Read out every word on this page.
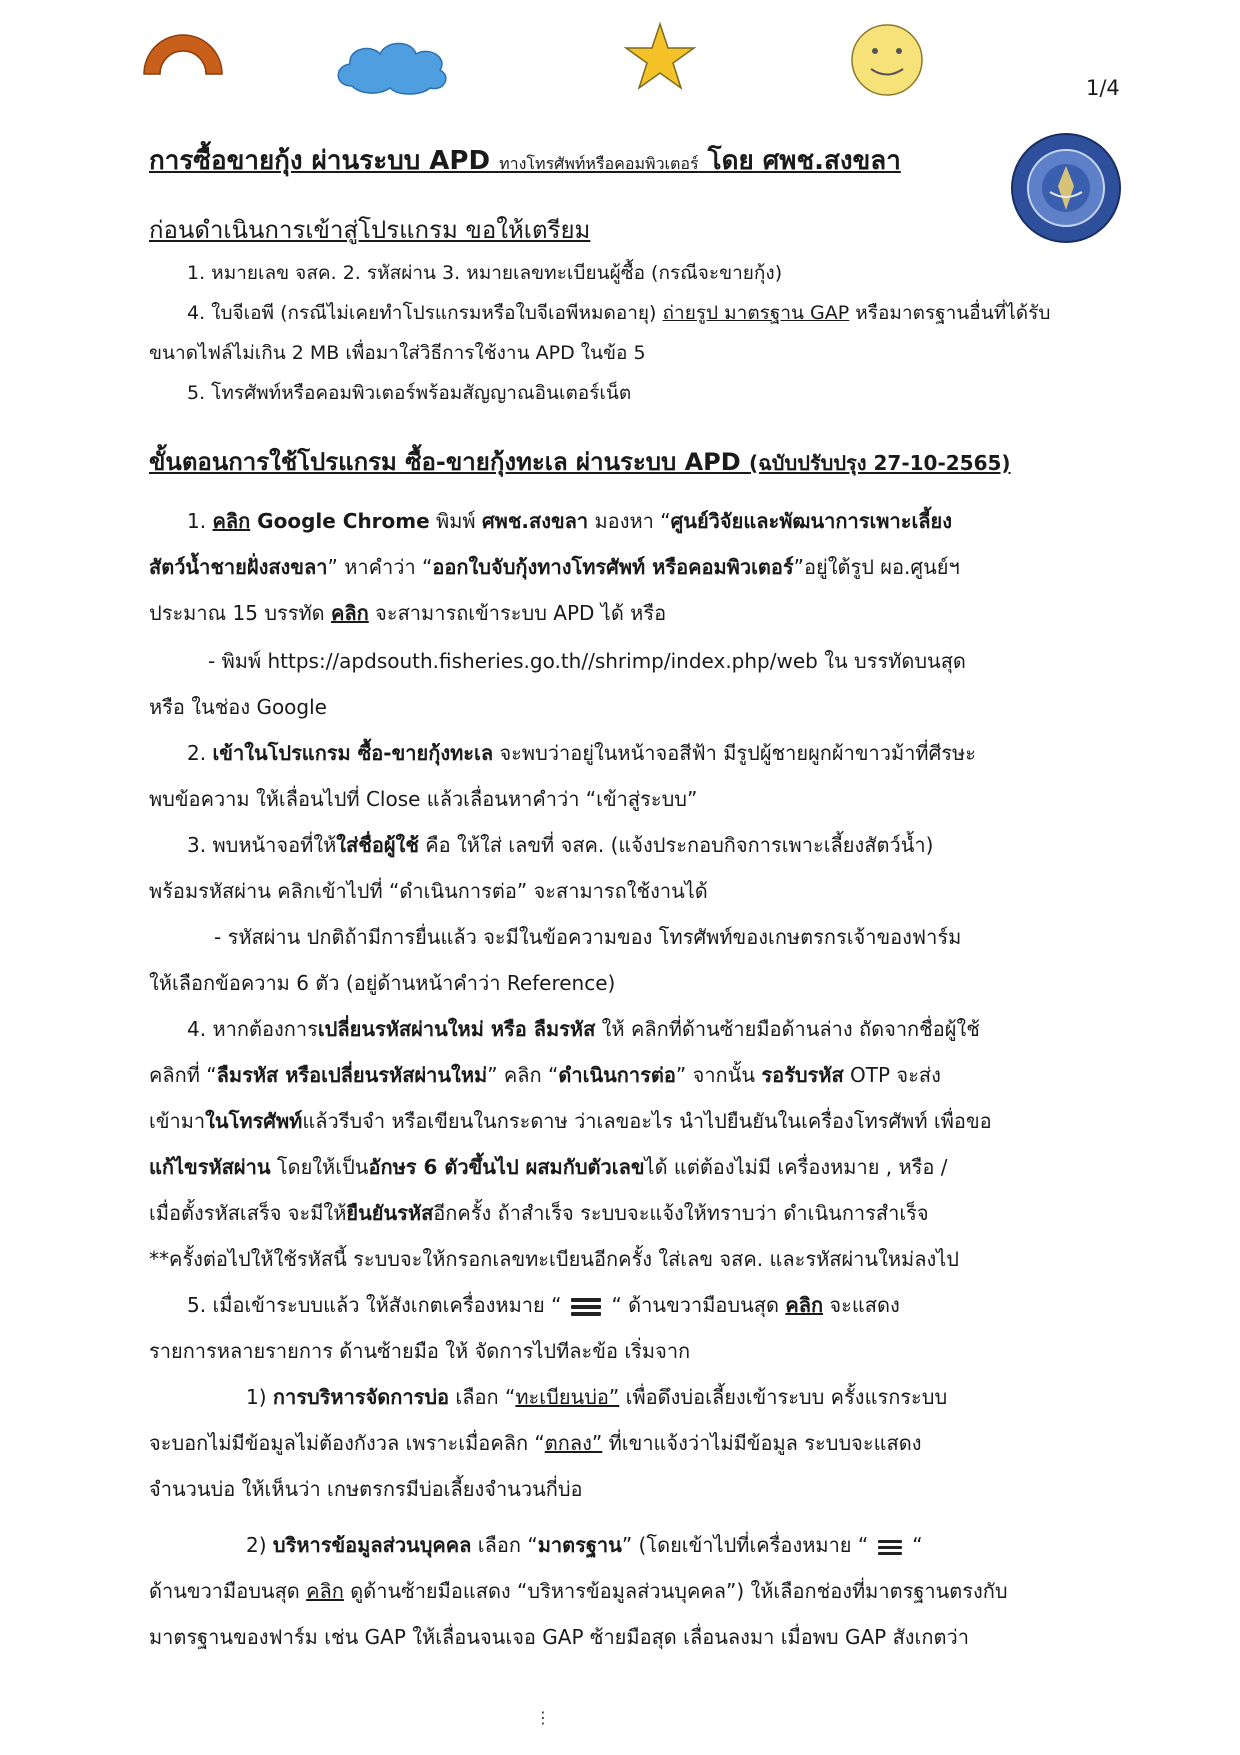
1/4
การซื้อขายกุ้ง ผ่านระบบ APD ทางโทรศัพท์หรือคอมพิวเตอร์ โดย ศพช.สงขลา
ก่อนดำเนินการเข้าสู่โปรแกรม ขอให้เตรียม
1. หมายเลข จสค. 2. รหัสผ่าน 3. หมายเลขทะเบียนผู้ซื้อ (กรณีจะขายกุ้ง)
4. ใบจีเอพี (กรณีไม่เคยทำโปรแกรมหรือใบจีเอพีหมดอายุ) ถ่ายรูป มาตรฐาน GAP หรือมาตรฐานอื่นที่ได้รับ
ขนาดไฟล์ไม่เกิน 2 MB เพื่อมาใส่วิธีการใช้งาน APD ในข้อ 5
5. โทรศัพท์หรือคอมพิวเตอร์พร้อมสัญญาณอินเตอร์เน็ต
ขั้นตอนการใช้โปรแกรม ซื้อ-ขายกุ้งทะเล ผ่านระบบ APD (ฉบับปรับปรุง 27-10-2565)
1. คลิก Google Chrome พิมพ์ ศพช.สงขลา มองหา “ศูนย์วิจัยและพัฒนาการเพาะเลี้ยง
สัตว์น้ำชายฝั่งสงขลา” หาคำว่า “ออกใบจับกุ้งทางโทรศัพท์ หรือคอมพิวเตอร์”อยู่ใต้รูป ผอ.ศูนย์ฯ
ประมาณ 15 บรรทัด คลิก จะสามารถเข้าระบบ APD ได้ หรือ
- พิมพ์ https://apdsouth.fisheries.go.th//shrimp/index.php/web ใน บรรทัดบนสุด
หรือ ในช่อง Google
2. เข้าในโปรแกรม ซื้อ-ขายกุ้งทะเล จะพบว่าอยู่ในหน้าจอสีฟ้า มีรูปผู้ชายผูกผ้าขาวม้าที่ศีรษะ
พบข้อความ ให้เลื่อนไปที่ Close แล้วเลื่อนหาคำว่า “เข้าสู่ระบบ”
3. พบหน้าจอที่ให้ใส่ชื่อผู้ใช้ คือ ให้ใส่ เลขที่ จสค. (แจ้งประกอบกิจการเพาะเลี้ยงสัตว์น้ำ)
พร้อมรหัสผ่าน คลิกเข้าไปที่ “ดำเนินการต่อ” จะสามารถใช้งานได้
- รหัสผ่าน ปกติถ้ามีการยื่นแล้ว จะมีในข้อความของ โทรศัพท์ของเกษตรกรเจ้าของฟาร์ม
ให้เลือกข้อความ 6 ตัว (อยู่ด้านหน้าคำว่า Reference)
4. หากต้องการเปลี่ยนรหัสผ่านใหม่ หรือ ลืมรหัส ให้ คลิกที่ด้านซ้ายมือด้านล่าง ถัดจากชื่อผู้ใช้
คลิกที่ “ลืมรหัส หรือเปลี่ยนรหัสผ่านใหม่” คลิก “ดำเนินการต่อ” จากนั้น รอรับรหัส OTP จะส่ง
เข้ามาในโทรศัพท์แล้วรีบจำ หรือเขียนในกระดาษ ว่าเลขอะไร นำไปยืนยันในเครื่องโทรศัพท์ เพื่อขอ
แก้ไขรหัสผ่าน โดยให้เป็นอักษร 6 ตัวขึ้นไป ผสมกับตัวเลขได้ แต่ต้องไม่มี เครื่องหมาย , หรือ /
เมื่อตั้งรหัสเสร็จ จะมีให้ยืนยันรหัสอีกครั้ง ถ้าสำเร็จ ระบบจะแจ้งให้ทราบว่า ดำเนินการสำเร็จ
**ครั้งต่อไปให้ใช้รหัสนี้ ระบบจะให้กรอกเลขทะเบียนอีกครั้ง ใส่เลข จสค. และรหัสผ่านใหม่ลงไป
5. เมื่อเข้าระบบแล้ว ให้สังเกตเครื่องหมาย “	“ ด้านขวามือบนสุด คลิก จะแสดง
รายการหลายรายการ ด้านซ้ายมือ ให้ จัดการไปทีละข้อ เริ่มจาก
1) การบริหารจัดการบ่อ เลือก “ทะเบียนบ่อ” เพื่อดึงบ่อเลี้ยงเข้าระบบ ครั้งแรกระบบ
จะบอกไม่มีข้อมูลไม่ต้องกังวล เพราะเมื่อคลิก “ตกลง” ที่เขาแจ้งว่าไม่มีข้อมูล ระบบจะแสดง
จำนวนบ่อ ให้เห็นว่า เกษตรกรมีบ่อเลี้ยงจำนวนกี่บ่อ
2) บริหารข้อมูลส่วนบุคคล เลือก “มาตรฐาน” (โดยเข้าไปที่เครื่องหมาย “ “
ด้านขวามือบนสุด คลิก ดูด้านซ้ายมือแสดง “บริหารข้อมูลส่วนบุคคล”) ให้เลือกช่องที่มาตรฐานตรงกับ
มาตรฐานของฟาร์ม เช่น GAP ให้เลื่อนจนเจอ GAP ซ้ายมือสุด เลื่อนลงมา เมื่อพบ GAP สังเกตว่า
⋮
